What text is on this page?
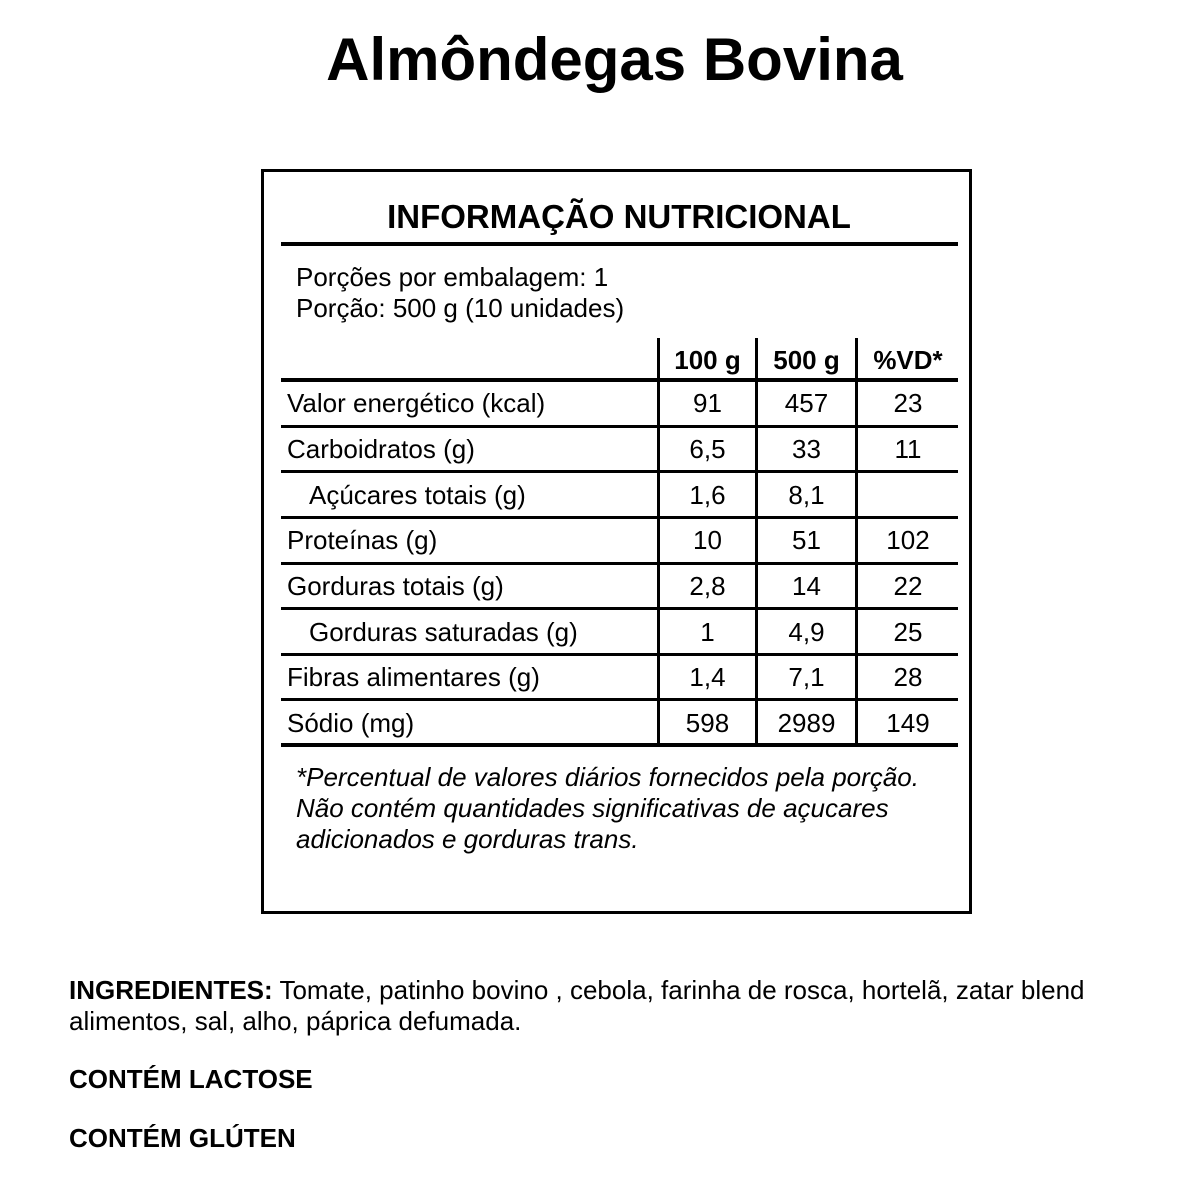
Almôndegas Bovina
INFORMAÇÃO NUTRICIONAL
Porções por embalagem: 1
Porção: 500 g (10 unidades)
100 g	500 g	%VD*
Valor energético (kcal)	91	457	23
Carboidratos (g)	6,5	33	11
Açúcares totais (g)	1,6	8,1
Proteínas (g)	10	51	102
Gorduras totais (g)	2,8	14	22
Gorduras saturadas (g)	1	4,9	25
Fibras alimentares (g)	1,4	7,1	28
Sódio (mg)	598	2989	149
*Percentual de valores diários fornecidos pela porção.
Não contém quantidades significativas de açucares adicionados e gorduras trans.
INGREDIENTES: Tomate, patinho bovino , cebola, farinha de rosca, hortelã, zatar blend alimentos, sal, alho, páprica defumada.
CONTÉM LACTOSE
CONTÉM GLÚTEN
